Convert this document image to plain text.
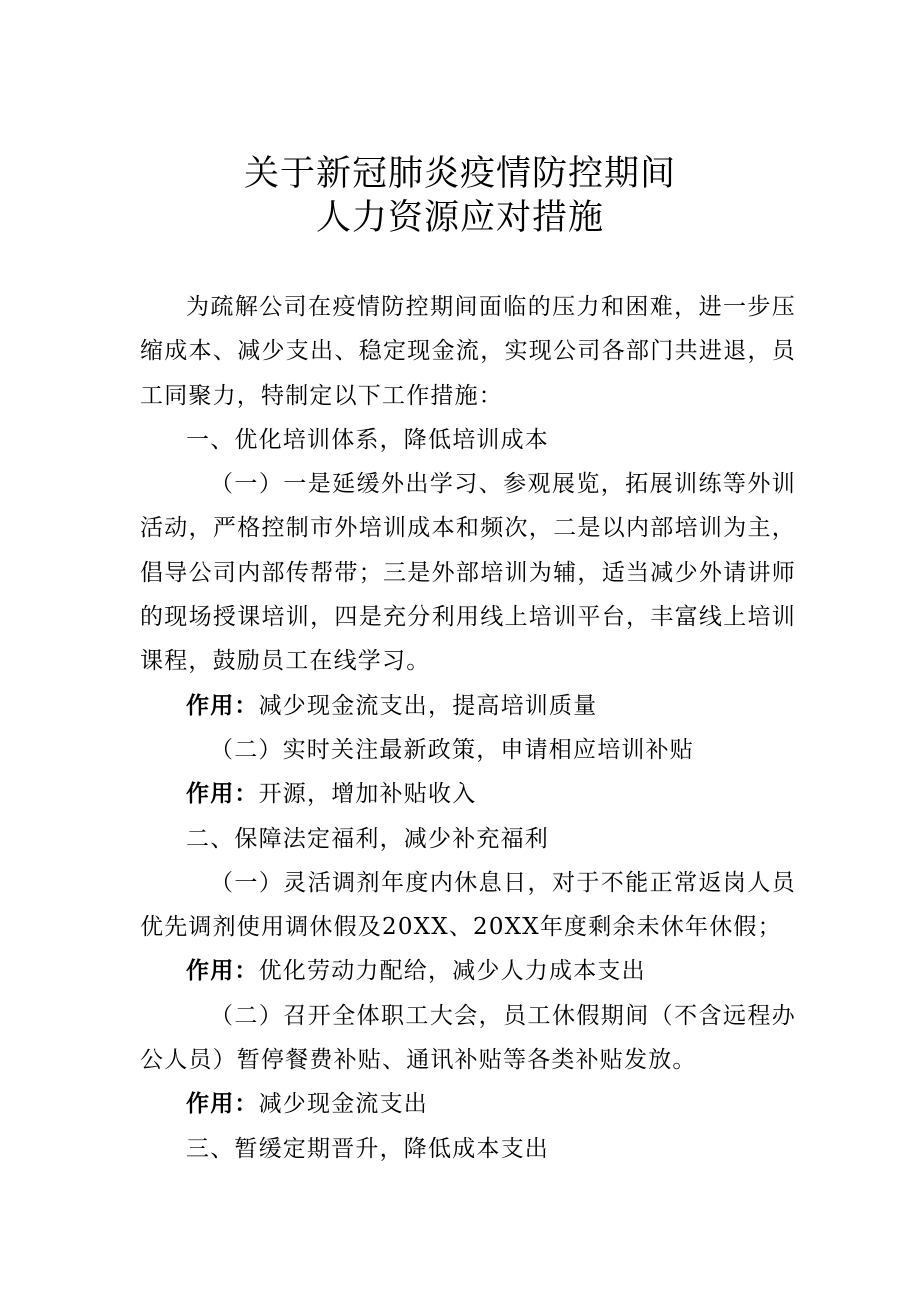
关于新冠肺炎疫情防控期间
人力资源应对措施

为疏解公司在疫情防控期间面临的压力和困难，进一步压缩成本、减少支出、稳定现金流，实现公司各部门共进退，员工同聚力，特制定以下工作措施：

一、优化培训体系，降低培训成本

（一）一是延缓外出学习、参观展览，拓展训练等外训活动，严格控制市外培训成本和频次，二是以内部培训为主，倡导公司内部传帮带；三是外部培训为辅，适当减少外请讲师的现场授课培训，四是充分利用线上培训平台，丰富线上培训课程，鼓励员工在线学习。

作用：减少现金流支出，提高培训质量

（二）实时关注最新政策，申请相应培训补贴

作用：开源，增加补贴收入

二、保障法定福利，减少补充福利

（一）灵活调剂年度内休息日，对于不能正常返岗人员优先调剂使用调休假及20XX、20XX年度剩余未休年休假；

作用：优化劳动力配给，减少人力成本支出

（二）召开全体职工大会，员工休假期间（不含远程办公人员）暂停餐费补贴、通讯补贴等各类补贴发放。

作用：减少现金流支出

三、暂缓定期晋升，降低成本支出
